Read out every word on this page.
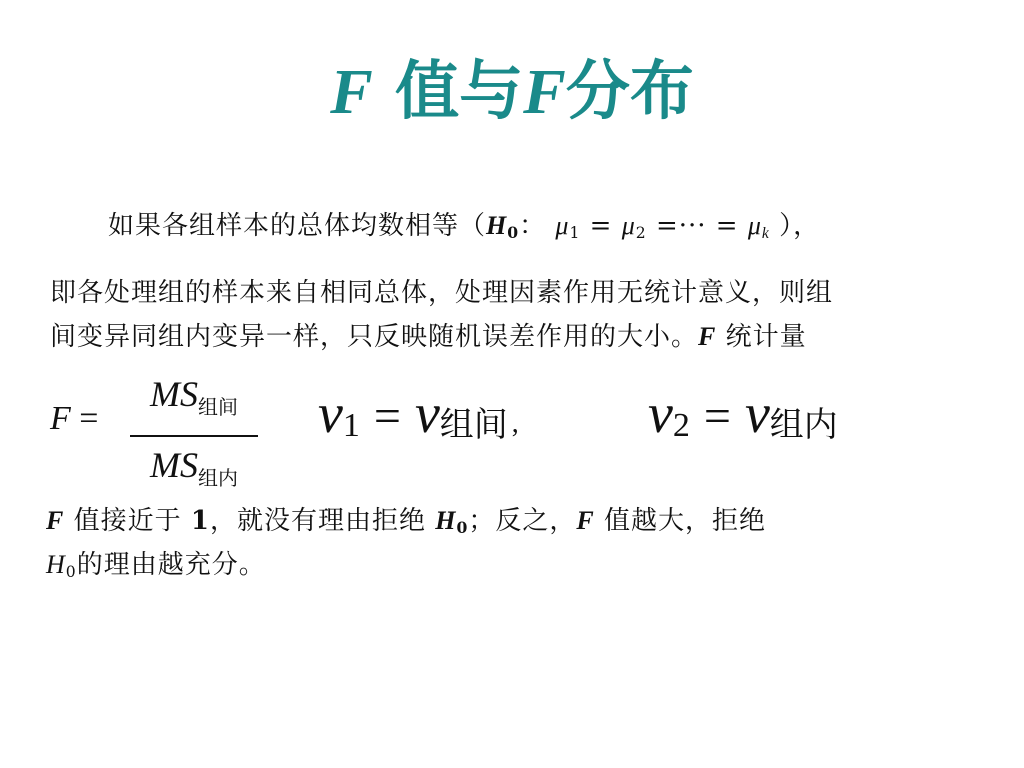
F 值与F分布
如果各组样本的总体均数相等（$H_0$： $\mu_1 = \mu_2$ =··· = $\mu_k$ ），
即各处理组的样本来自相同总体，处理因素作用无统计意义，则组
间变异同组内变异一样，只反映随机误差作用的大小。F 统计量
F =
$MS_{组间}$
$MS_{组内}$
$\nu_1 = \nu_{组间}$ , $\nu_2 = \nu_{组内}$
F 值接近于 1，就没有理由拒绝 $H_0$；反之，F 值越大，拒绝
$H_0$的理由越充分。
